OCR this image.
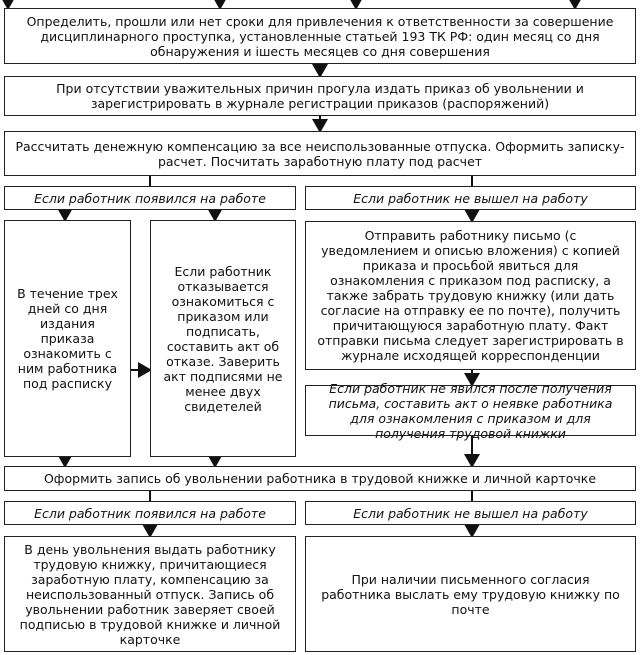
Определить, прошли или нет сроки для привлечения к ответственности за совершение дисциплинарного проступка, установленные статьей 193 ТК РФ: один месяц со дня обнаружения и iшесть месяцев со дня совершения
При отсутствии уважительных причин прогула издать приказ об увольнении и зарегистрировать в журнале регистрации приказов (распоряжений)
Рассчитать денежную компенсацию за все неиспользованные отпуска. Оформить записку-расчет. Посчитать заработную плату под расчет
Если работник появился на работе	Если работник не вышел на работу
В течение трех дней со дня издания приказа ознакомить с ним работника под расписку
Если работник отказывается ознакомиться с приказом или подписать, составить акт об отказе. Заверить акт подписями не менее двух свидетелей
Отправить работнику письмо (с уведомлением и описью вложения) с копией приказа и просьбой явиться для ознакомления с приказом под расписку, а также забрать трудовую книжку (или дать согласие на отправку ее по почте), получить причитающуюся заработную плату. Факт отправки письма следует зарегистрировать в журнале исходящей корреспонденции
Если работник не явился после получения письма, составить акт о неявке работника для ознакомления с приказом и для получения трудовой книжки
Оформить запись об увольнении работника в трудовой книжке и личной карточке
Если работник появился на работе	Если работник не вышел на работу
В день увольнения выдать работнику трудовую книжку, причитающиеся заработную плату, компенсацию за неиспользованный отпуск. Запись об увольнении работник заверяет своей подписью в трудовой книжке и личной карточке
При наличии письменного согласия работника выслать ему трудовую книжку по почте
